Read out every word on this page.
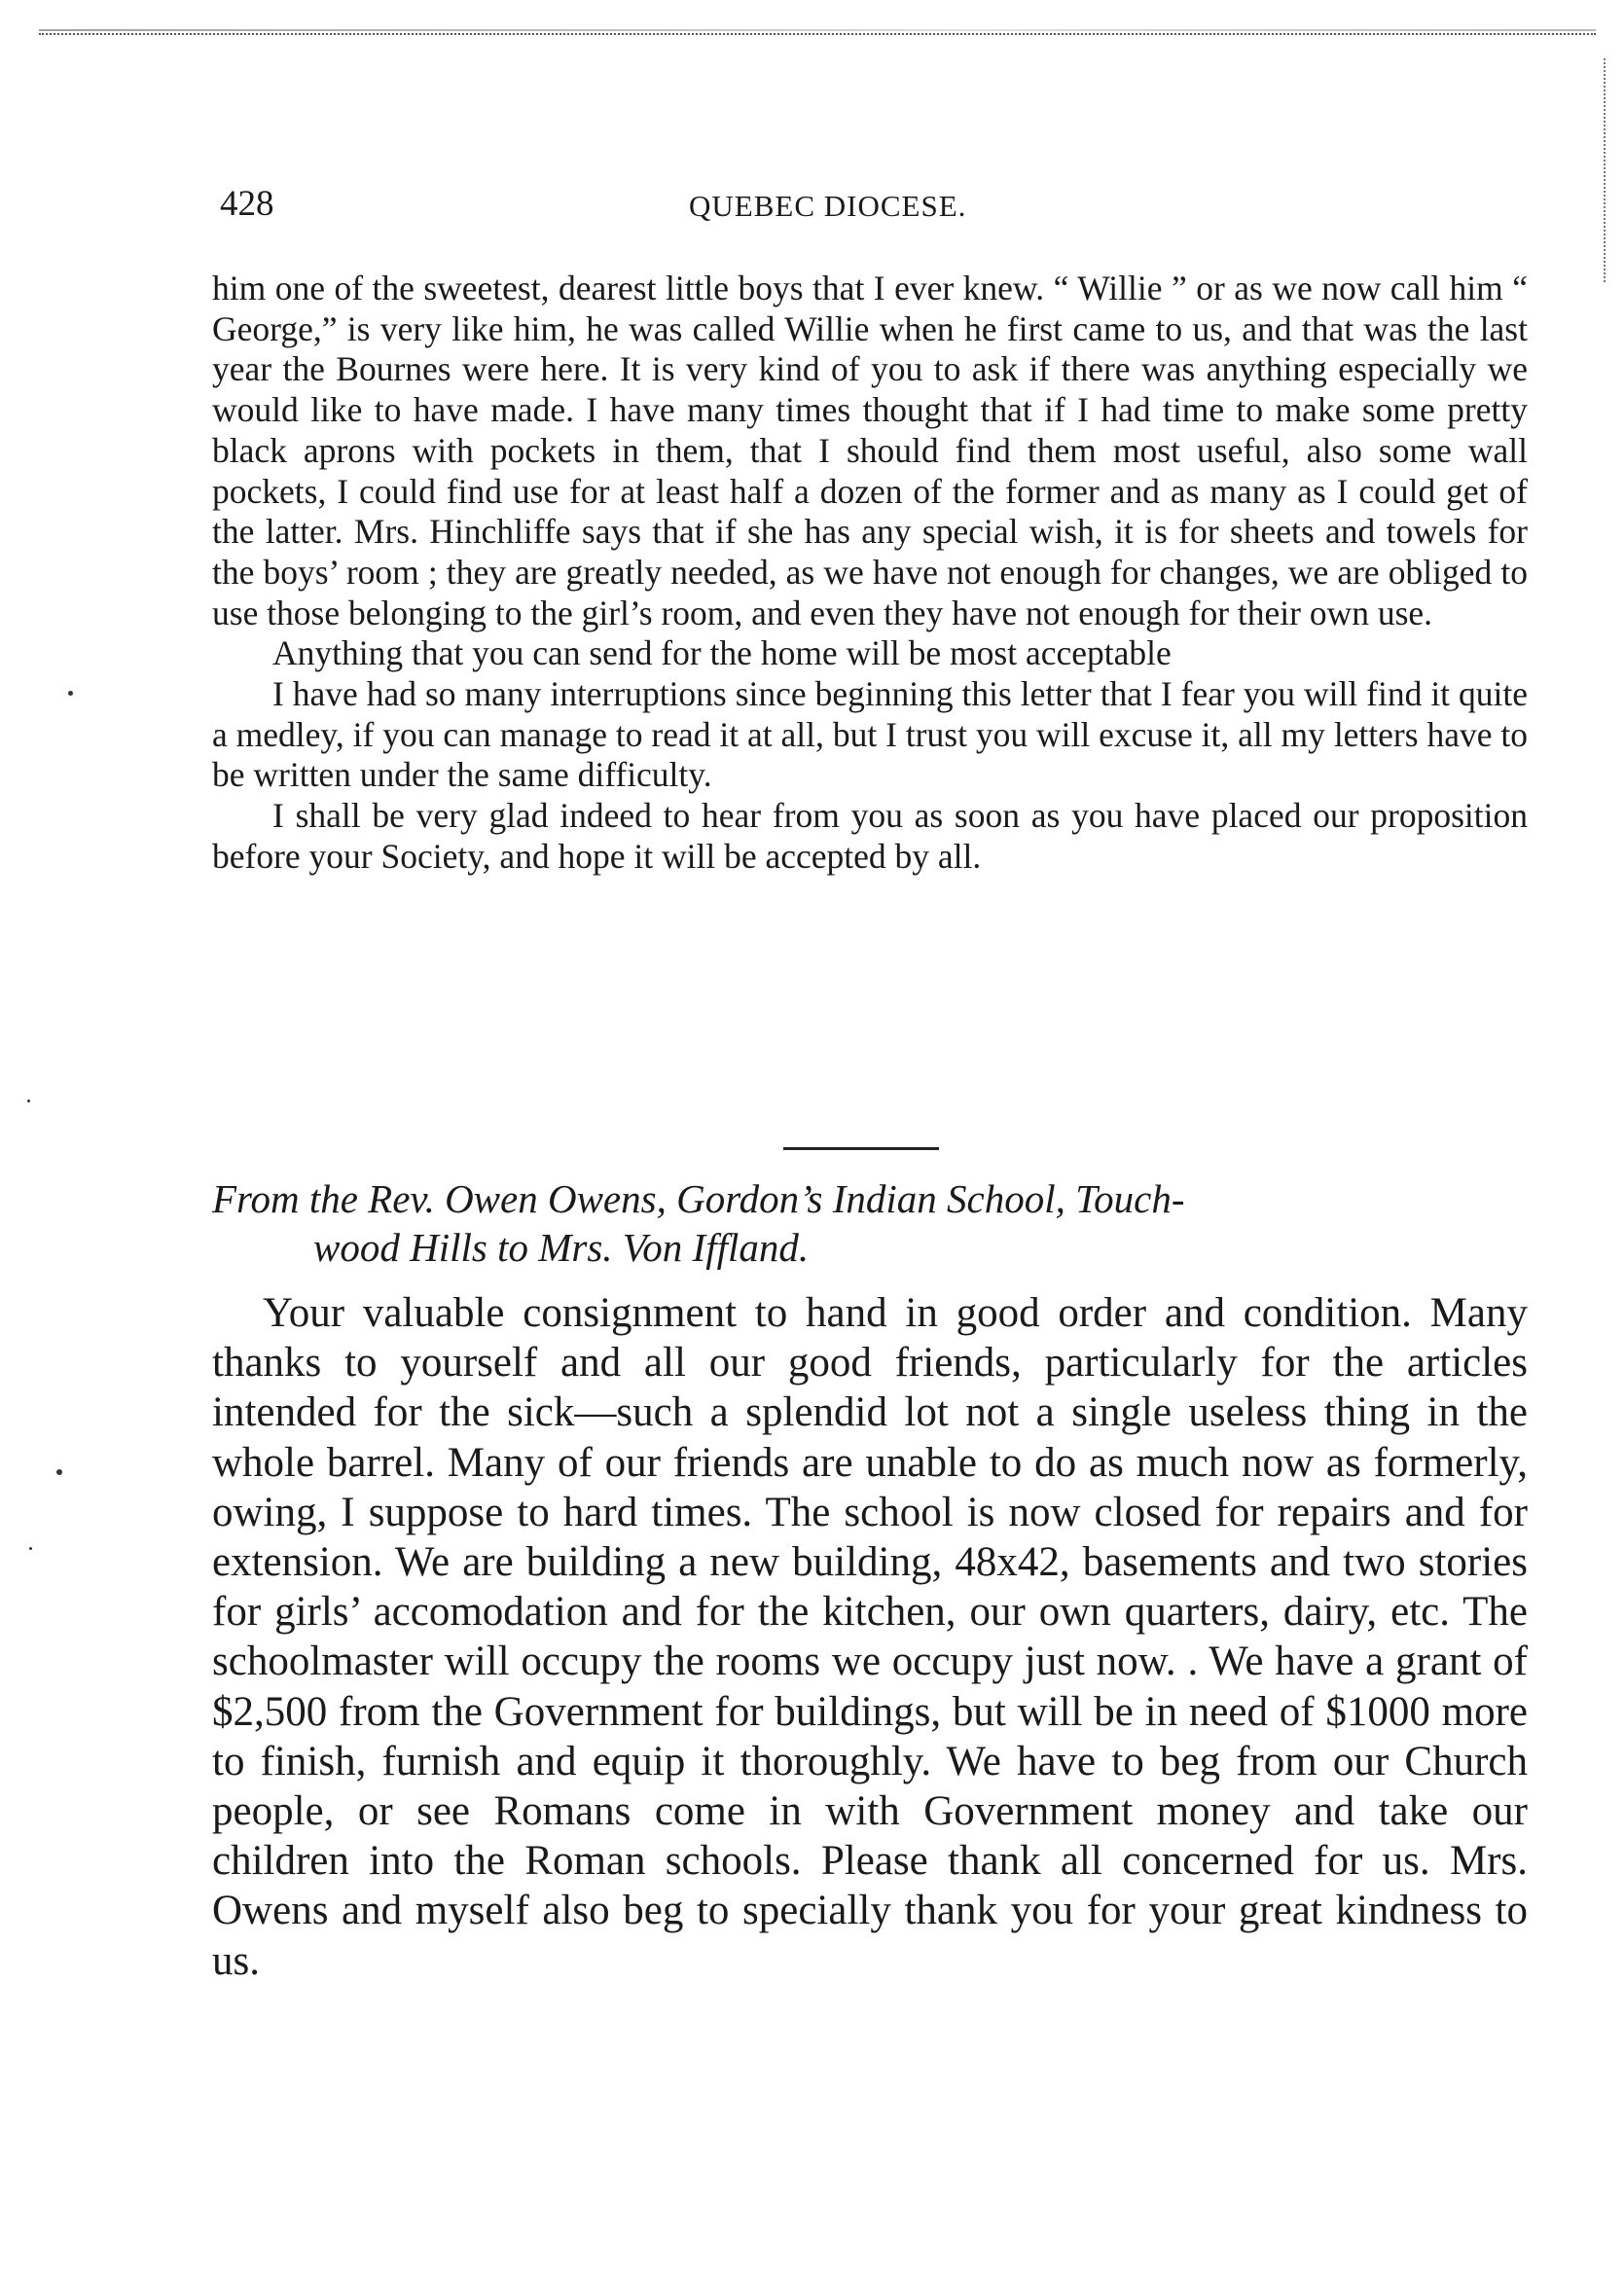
428	QUEBEC DIOCESE.

him one of the sweetest, dearest little boys that I ever knew. “ Willie ” or as we now call him “ George,” is very like him, he was called Willie when he first came to us, and that was the last year the Bournes were here. It is very kind of you to ask if there was anything especially we would like to have made. I have many times thought that if I had time to make some pretty black aprons with pockets in them, that I should find them most useful, also some wall pockets, I could find use for at least half a dozen of the former and as many as I could get of the latter. Mrs. Hinchliffe says that if she has any special wish, it is for sheets and towels for the boys’ room ; they are greatly needed, as we have not enough for changes, we are obliged to use those belonging to the girl’s room, and even they have not enough for their own use.

Anything that you can send for the home will be most acceptable

I have had so many interruptions since beginning this letter that I fear you will find it quite a medley, if you can manage to read it at all, but I trust you will excuse it, all my letters have to be written under the same difficulty.

I shall be very glad indeed to hear from you as soon as you have placed our proposition before your Society, and hope it will be accepted by all.

From the Rev. Owen Owens, Gordon’s Indian School, Touch-
wood Hills to Mrs. Von Iffland.

Your valuable consignment to hand in good order and condition. Many thanks to yourself and all our good friends, particularly for the articles intended for the sick—such a splendid lot not a single useless thing in the whole barrel. Many of our friends are unable to do as much now as formerly, owing, I suppose to hard times. The school is now closed for repairs and for extension. We are building a new building, 48x42, basements and two stories for girls’ accomodation and for the kitchen, our own quarters, dairy, etc. The schoolmaster will occupy the rooms we occupy just now. . We have a grant of $2,500 from the Government for buildings, but will be in need of $1000 more to finish, furnish and equip it thoroughly. We have to beg from our Church people, or see Romans come in with Government money and take our children into the Roman schools. Please thank all concerned for us. Mrs. Owens and myself also beg to specially thank you for your great kindness to us.
